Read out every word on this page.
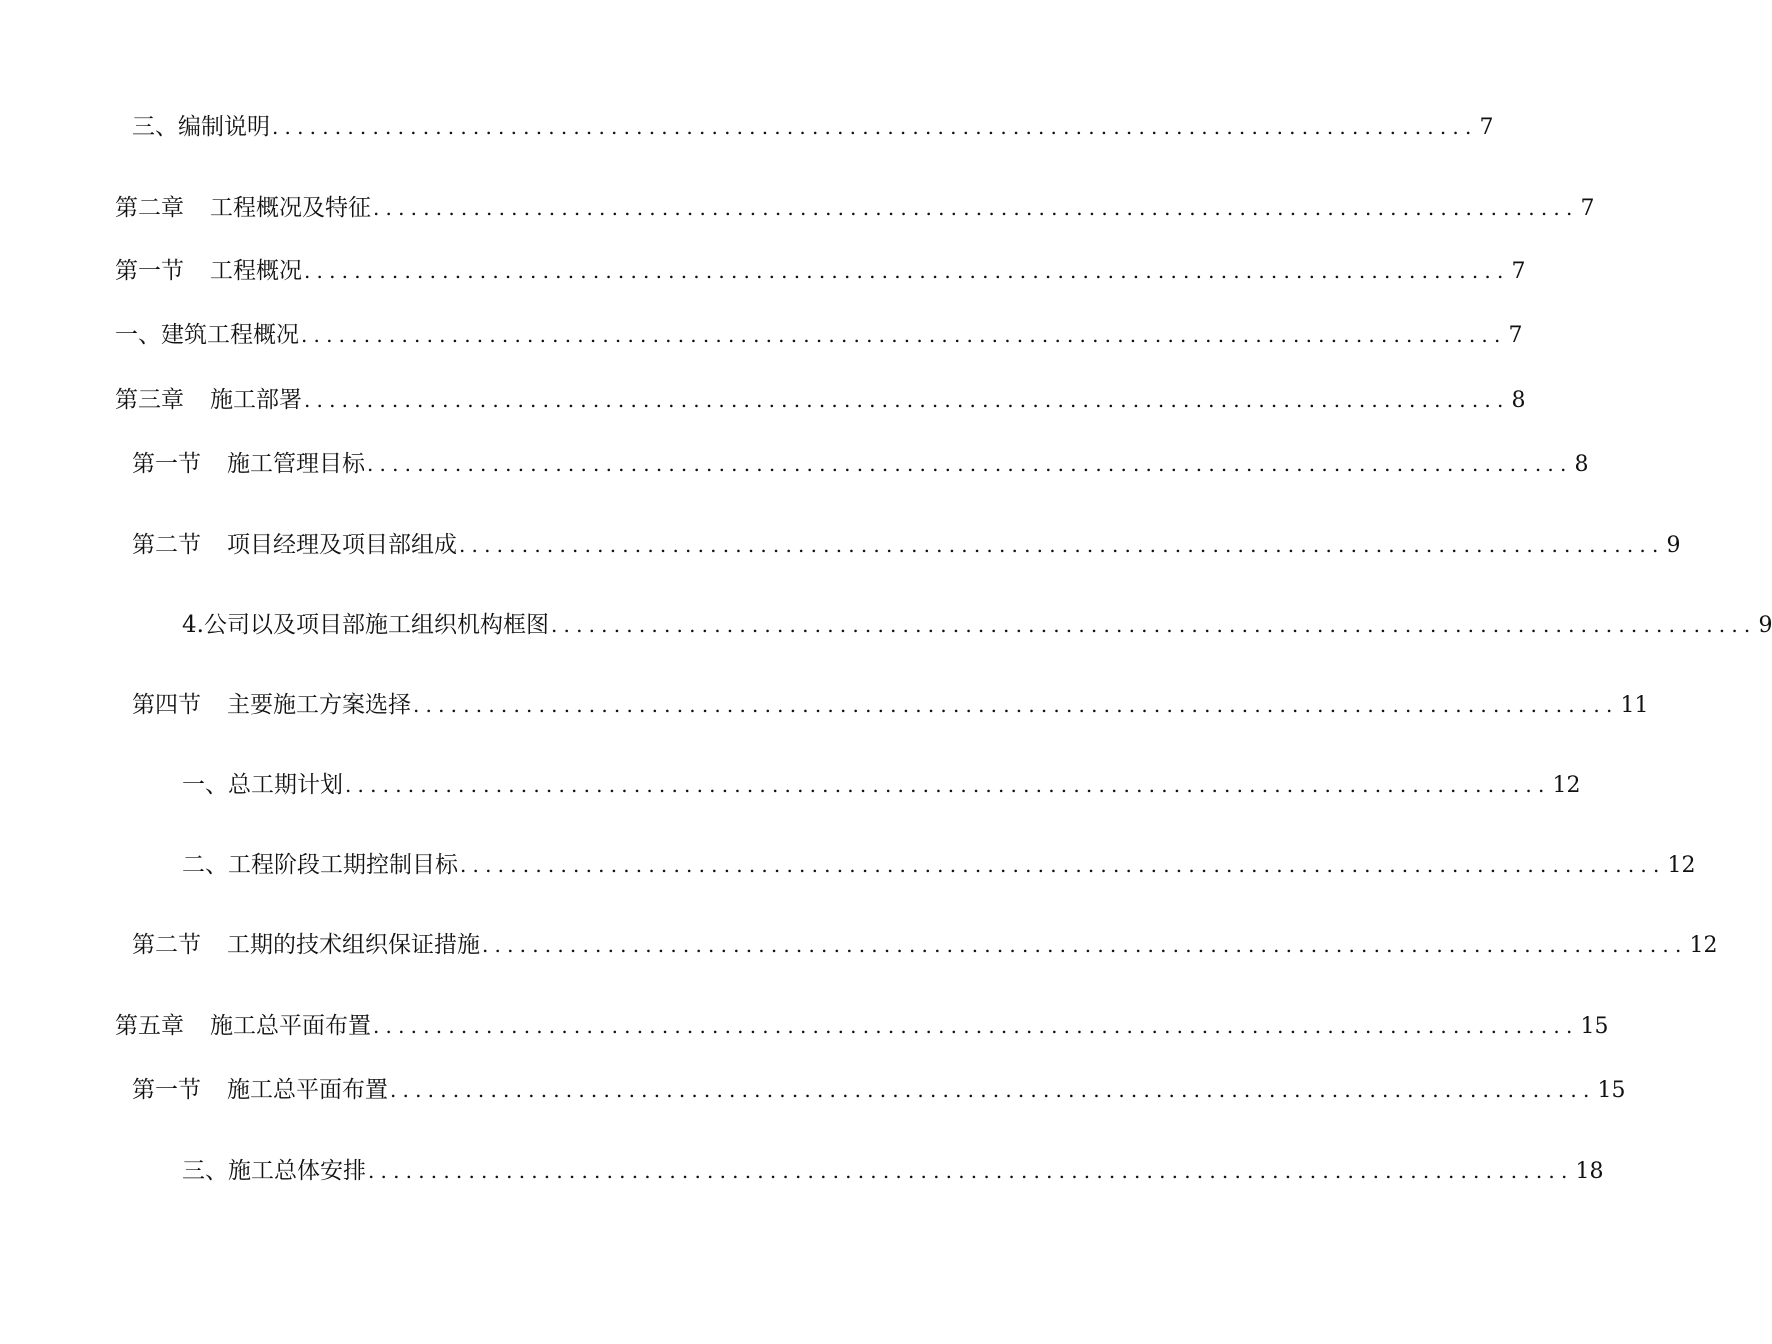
三、编制说明 ................................................................................................ 7
第二章 工程概况及特征 ................................................................................................ 7
第一节 工程概况 ................................................................................................ 7
一、建筑工程概况 ................................................................................................ 7
第三章 施工部署 ................................................................................................ 8
第一节 施工管理目标 ................................................................................................ 8
第二节 项目经理及项目部组成 ................................................................................................ 9
4.公司以及项目部施工组织机构框图 ................................................................................................ 9
第四节 主要施工方案选择 ................................................................................................ 11
一、总工期计划 ................................................................................................ 12
二、工程阶段工期控制目标 ................................................................................................ 12
第二节 工期的技术组织保证措施 ................................................................................................ 12
第五章 施工总平面布置 ................................................................................................ 15
第一节 施工总平面布置 ................................................................................................ 15
三、施工总体安排 ................................................................................................ 18
